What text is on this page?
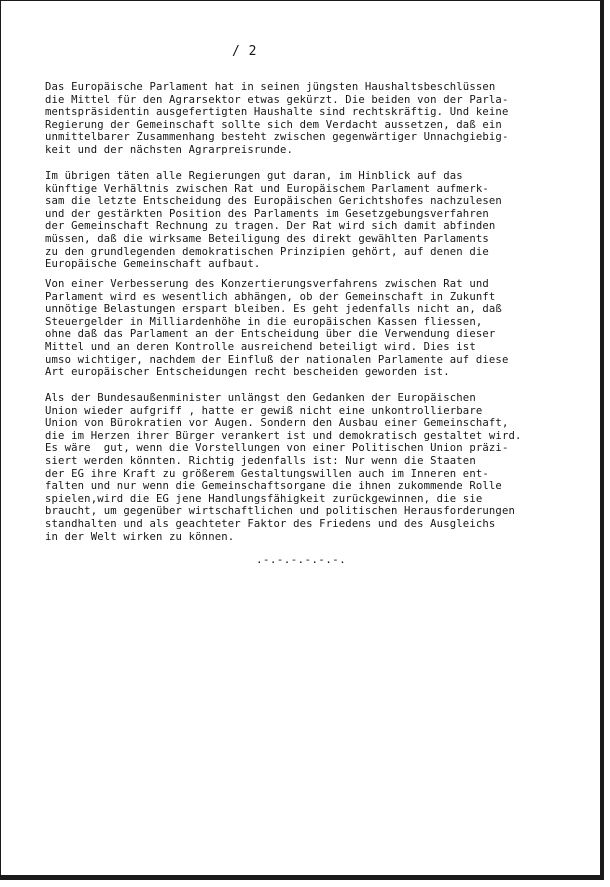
/ 2
Das Europäische Parlament hat in seinen jüngsten Haushaltsbeschlüssen
die Mittel für den Agrarsektor etwas gekürzt. Die beiden von der Parla-
mentspräsidentin ausgefertigten Haushalte sind rechtskräftig. Und keine
Regierung der Gemeinschaft sollte sich dem Verdacht aussetzen, daß ein
unmittelbarer Zusammenhang besteht zwischen gegenwärtiger Unnachgiebig-
keit und der nächsten Agrarpreisrunde.
Im übrigen täten alle Regierungen gut daran, im Hinblick auf das
künftige Verhältnis zwischen Rat und Europäischem Parlament aufmerk-
sam die letzte Entscheidung des Europäischen Gerichtshofes nachzulesen
und der gestärkten Position des Parlaments im Gesetzgebungsverfahren
der Gemeinschaft Rechnung zu tragen. Der Rat wird sich damit abfinden
müssen, daß die wirksame Beteiligung des direkt gewählten Parlaments
zu den grundlegenden demokratischen Prinzipien gehört, auf denen die
Europäische Gemeinschaft aufbaut.
Von einer Verbesserung des Konzertierungsverfahrens zwischen Rat und
Parlament wird es wesentlich abhängen, ob der Gemeinschaft in Zukunft
unnötige Belastungen erspart bleiben. Es geht jedenfalls nicht an, daß
Steuergelder in Milliardenhöhe in die europäischen Kassen fliessen,
ohne daß das Parlament an der Entscheidung über die Verwendung dieser
Mittel und an deren Kontrolle ausreichend beteiligt wird. Dies ist
umso wichtiger, nachdem der Einfluß der nationalen Parlamente auf diese
Art europäischer Entscheidungen recht bescheiden geworden ist.
Als der Bundesaußenminister unlängst den Gedanken der Europäischen
Union wieder aufgriff , hatte er gewiß nicht eine unkontrollierbare
Union von Bürokratien vor Augen. Sondern den Ausbau einer Gemeinschaft,
die im Herzen ihrer Bürger verankert ist und demokratisch gestaltet wird.
Es wäre  gut, wenn die Vorstellungen von einer Politischen Union präzi-
siert werden könnten. Richtig jedenfalls ist: Nur wenn die Staaten
der EG ihre Kraft zu größerem Gestaltungswillen auch im Inneren ent-
falten und nur wenn die Gemeinschaftsorgane die ihnen zukommende Rolle
spielen,wird die EG jene Handlungsfähigkeit zurückgewinnen, die sie
braucht, um gegenüber wirtschaftlichen und politischen Herausforderungen
standhalten und als geachteter Faktor des Friedens und des Ausgleichs
in der Welt wirken zu können.
.-.-.-.-.-.-.
